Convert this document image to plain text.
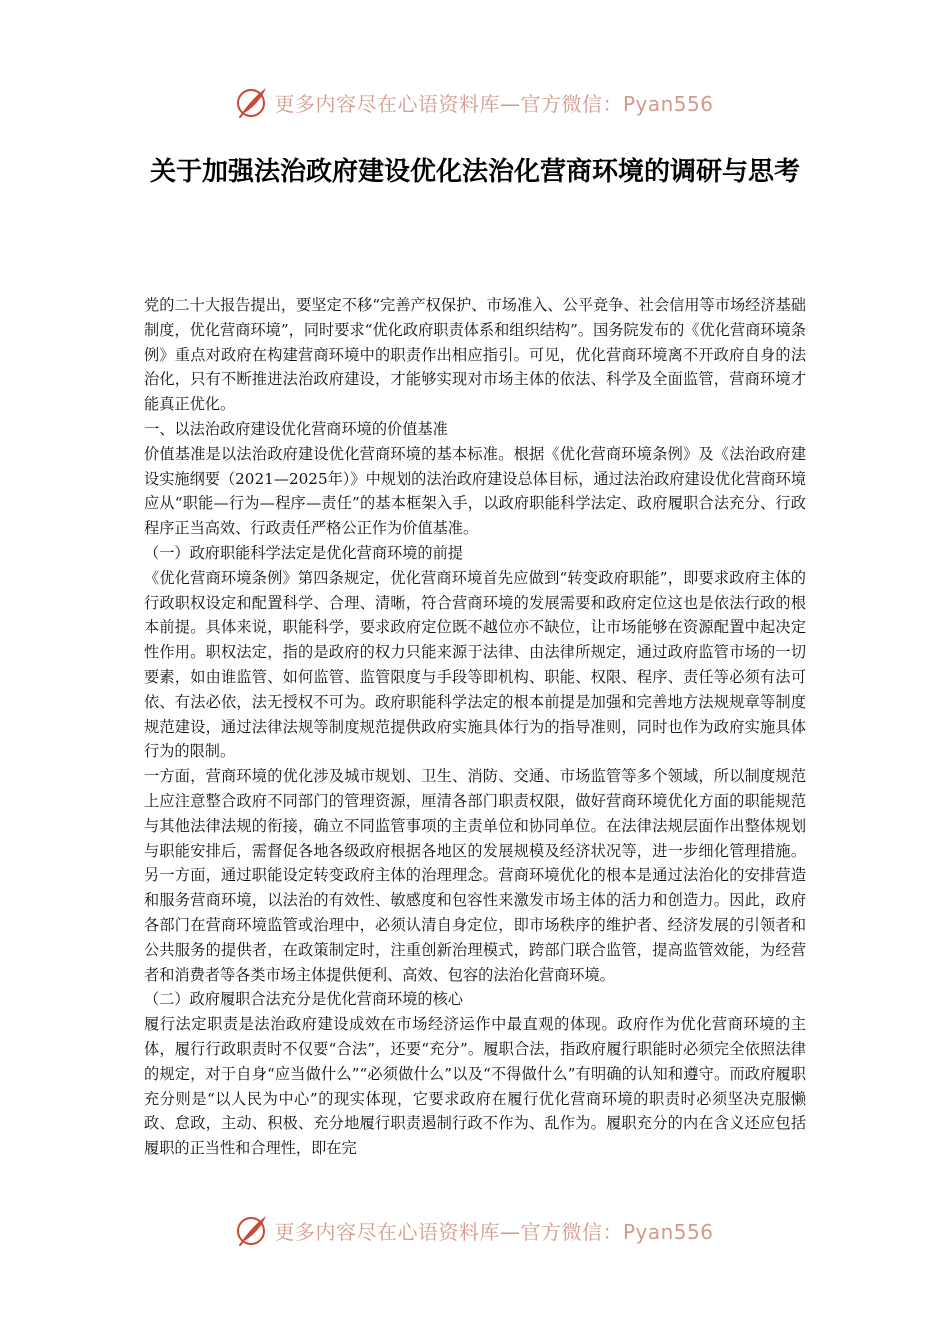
更多内容尽在心语资料库—官方微信：Pyan556
关于加强法治政府建设优化法治化营商环境的调研与思考

党的二十大报告提出，要坚定不移“完善产权保护、市场准入、公平竞争、社会信用等市场经济基础制度，优化营商环境”，同时要求“优化政府职责体系和组织结构”。国务院发布的《优化营商环境条例》重点对政府在构建营商环境中的职责作出相应指引。可见，优化营商环境离不开政府自身的法治化，只有不断推进法治政府建设，才能够实现对市场主体的依法、科学及全面监管，营商环境才能真正优化。

一、以法治政府建设优化营商环境的价值基准

价值基准是以法治政府建设优化营商环境的基本标准。根据《优化营商环境条例》及《法治政府建设实施纲要（2021—2025年）》中规划的法治政府建设总体目标，通过法治政府建设优化营商环境应从“职能—行为—程序—责任”的基本框架入手，以政府职能科学法定、政府履职合法充分、行政程序正当高效、行政责任严格公正作为价值基准。

（一）政府职能科学法定是优化营商环境的前提

《优化营商环境条例》第四条规定，优化营商环境首先应做到“转变政府职能”，即要求政府主体的行政职权设定和配置科学、合理、清晰，符合营商环境的发展需要和政府定位这也是依法行政的根本前提。具体来说，职能科学，要求政府定位既不越位亦不缺位，让市场能够在资源配置中起决定性作用。职权法定，指的是政府的权力只能来源于法律、由法律所规定，通过政府监管市场的一切要素，如由谁监管、如何监管、监管限度与手段等即机构、职能、权限、程序、责任等必须有法可依、有法必依，法无授权不可为。政府职能科学法定的根本前提是加强和完善地方法规规章等制度规范建设，通过法律法规等制度规范提供政府实施具体行为的指导准则，同时也作为政府实施具体行为的限制。

一方面，营商环境的优化涉及城市规划、卫生、消防、交通、市场监管等多个领域，所以制度规范上应注意整合政府不同部门的管理资源，厘清各部门职责权限，做好营商环境优化方面的职能规范与其他法律法规的衔接，确立不同监管事项的主责单位和协同单位。在法律法规层面作出整体规划与职能安排后，需督促各地各级政府根据各地区的发展规模及经济状况等，进一步细化管理措施。另一方面，通过职能设定转变政府主体的治理理念。营商环境优化的根本是通过法治化的安排营造和服务营商环境，以法治的有效性、敏感度和包容性来激发市场主体的活力和创造力。因此，政府各部门在营商环境监管或治理中，必须认清自身定位，即市场秩序的维护者、经济发展的引领者和公共服务的提供者，在政策制定时，注重创新治理模式，跨部门联合监管，提高监管效能，为经营者和消费者等各类市场主体提供便利、高效、包容的法治化营商环境。

（二）政府履职合法充分是优化营商环境的核心

履行法定职责是法治政府建设成效在市场经济运作中最直观的体现。政府作为优化营商环境的主体，履行行政职责时不仅要“合法”，还要“充分”。履职合法，指政府履行职能时必须完全依照法律的规定，对于自身“应当做什么”“必须做什么”以及“不得做什么”有明确的认知和遵守。而政府履职充分则是“以人民为中心”的现实体现，它要求政府在履行优化营商环境的职责时必须坚决克服懒政、怠政，主动、积极、充分地履行职责遏制行政不作为、乱作为。履职充分的内在含义还应包括履职的正当性和合理性，即在完

更多内容尽在心语资料库—官方微信：Pyan556
